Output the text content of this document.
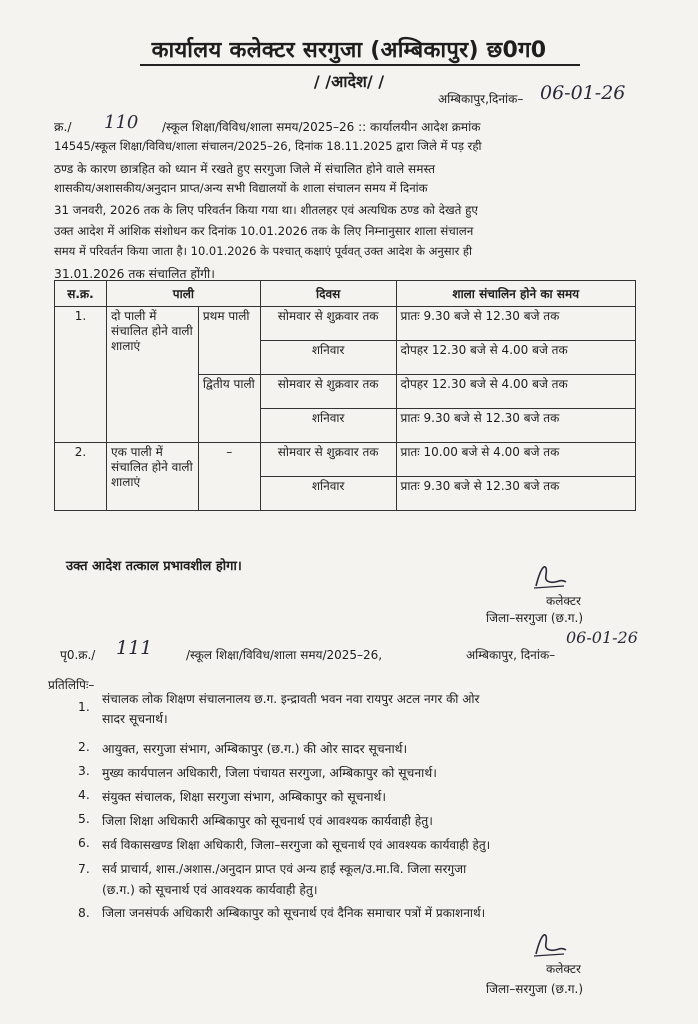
कार्यालय कलेक्टर सरगुजा (अम्बिकापुर) छ0ग0
/ /आदेश/ /
अम्बिकापुर,दिनांक– 06-01-26
क्र./ 110 /स्कूल शिक्षा/विविध/शाला समय/2025–26 :: कार्यालयीन आदेश क्रमांक
14545/स्कूल शिक्षा/विविध/शाला संचालन/2025–26, दिनांक 18.11.2025 द्वारा जिले में पड़ रही
ठण्ड के कारण छात्रहित को ध्यान में रखते हुए सरगुजा जिले में संचालित होने वाले समस्त
शासकीय/अशासकीय/अनुदान प्राप्त/अन्य सभी विद्यालयों के शाला संचालन समय में दिनांक
31 जनवरी, 2026 तक के लिए परिवर्तन किया गया था। शीतलहर एवं अत्यधिक ठण्ड को देखते हुए
उक्त आदेश में आंशिक संशोधन कर दिनांक 10.01.2026 तक के लिए निम्नानुसार शाला संचालन
समय में परिवर्तन किया जाता है। 10.01.2026 के पश्चात् कक्षाएं पूर्ववत् उक्त आदेश के अनुसार ही
31.01.2026 तक संचालित होंगी।
स.क्र.	पाली		दिवस	शाला संचालिन होने का समय
1.	दो पाली में संचालित होने वाली शालाएं	प्रथम पाली	सोमवार से शुक्रवार तक	प्रातः 9.30 बजे से 12.30 बजे तक
			शनिवार	दोपहर 12.30 बजे से 4.00 बजे तक
		द्वितीय पाली	सोमवार से शुक्रवार तक	दोपहर 12.30 बजे से 4.00 बजे तक
			शनिवार	प्रातः 9.30 बजे से 12.30 बजे तक
2.	एक पाली में संचालित होने वाली शालाएं	–	सोमवार से शुक्रवार तक	प्रातः 10.00 बजे से 4.00 बजे तक
			शनिवार	प्रातः 9.30 बजे से 12.30 बजे तक
उक्त आदेश तत्काल प्रभावशील होगा।
कलेक्टर
जिला–सरगुजा (छ.ग.)
पृ0.क्र./ 111	/स्कूल शिक्षा/विविध/शाला समय/2025–26,	अम्बिकापुर, दिनांक–
06-01-26
प्रतिलिपिः–
1.
संचालक लोक शिक्षण संचालनालय छ.ग. इन्द्रावती भवन नवा रायपुर अटल नगर की ओर
सादर सूचनार्थ।
2. आयुक्त, सरगुजा संभाग, अम्बिकापुर (छ.ग.) की ओर सादर सूचनार्थ।
3. मुख्य कार्यपालन अधिकारी, जिला पंचायत सरगुजा, अम्बिकापुर को सूचनार्थ।
4. संयुक्त संचालक, शिक्षा सरगुजा संभाग, अम्बिकापुर को सूचनार्थ।
5. जिला शिक्षा अधिकारी अम्बिकापुर को सूचनार्थ एवं आवश्यक कार्यवाही हेतु।
6. सर्व विकासखण्ड शिक्षा अधिकारी, जिला–सरगुजा को सूचनार्थ एवं आवश्यक कार्यवाही हेतु।
7. सर्व प्राचार्य, शास./अशास./अनुदान प्राप्त एवं अन्य हाई स्कूल/उ.मा.वि. जिला सरगुजा
(छ.ग.) को सूचनार्थ एवं आवश्यक कार्यवाही हेतु।
8. जिला जनसंपर्क अधिकारी अम्बिकापुर को सूचनार्थ एवं दैनिक समाचार पत्रों में प्रकाशनार्थ।
कलेक्टर
जिला–सरगुजा (छ.ग.)
